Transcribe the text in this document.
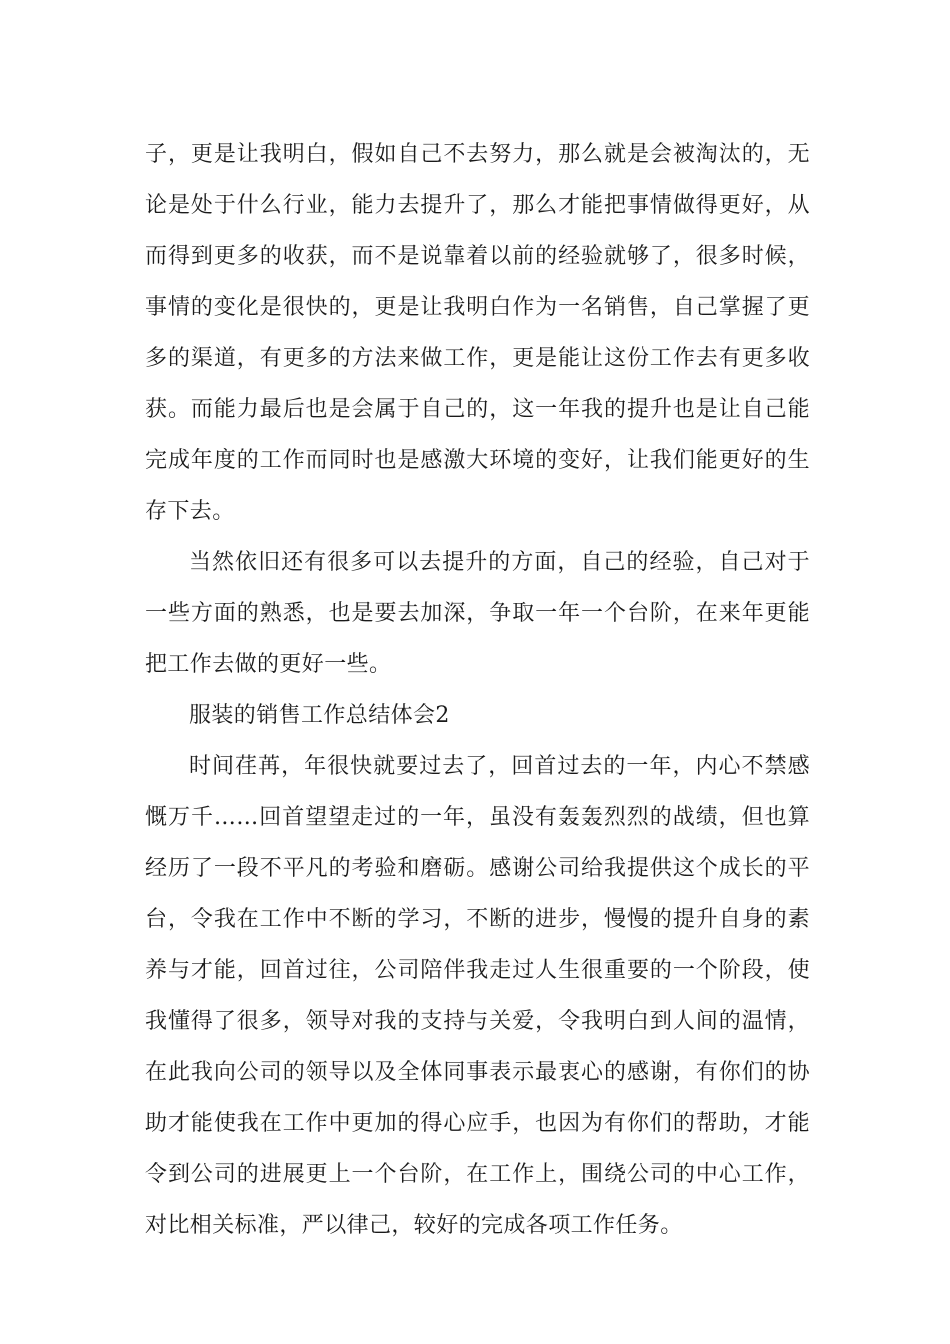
子，更是让我明白，假如自己不去努力，那么就是会被淘汰的，无论是处于什么行业，能力去提升了，那么才能把事情做得更好，从而得到更多的收获，而不是说靠着以前的经验就够了，很多时候，事情的变化是很快的，更是让我明白作为一名销售，自己掌握了更多的渠道，有更多的方法来做工作，更是能让这份工作去有更多收获。而能力最后也是会属于自己的，这一年我的提升也是让自己能完成年度的工作而同时也是感激大环境的变好，让我们能更好的生存下去。

当然依旧还有很多可以去提升的方面，自己的经验，自己对于一些方面的熟悉，也是要去加深，争取一年一个台阶，在来年更能把工作去做的更好一些。

服装的销售工作总结体会2

时间荏苒，年很快就要过去了，回首过去的一年，内心不禁感慨万千……回首望望走过的一年，虽没有轰轰烈烈的战绩，但也算经历了一段不平凡的考验和磨砺。感谢公司给我提供这个成长的平台，令我在工作中不断的学习，不断的进步，慢慢的提升自身的素养与才能，回首过往，公司陪伴我走过人生很重要的一个阶段，使我懂得了很多，领导对我的支持与关爱，令我明白到人间的温情，在此我向公司的领导以及全体同事表示最衷心的感谢，有你们的协助才能使我在工作中更加的得心应手，也因为有你们的帮助，才能令到公司的进展更上一个台阶，在工作上，围绕公司的中心工作，对比相关标准，严以律己，较好的完成各项工作任务。
